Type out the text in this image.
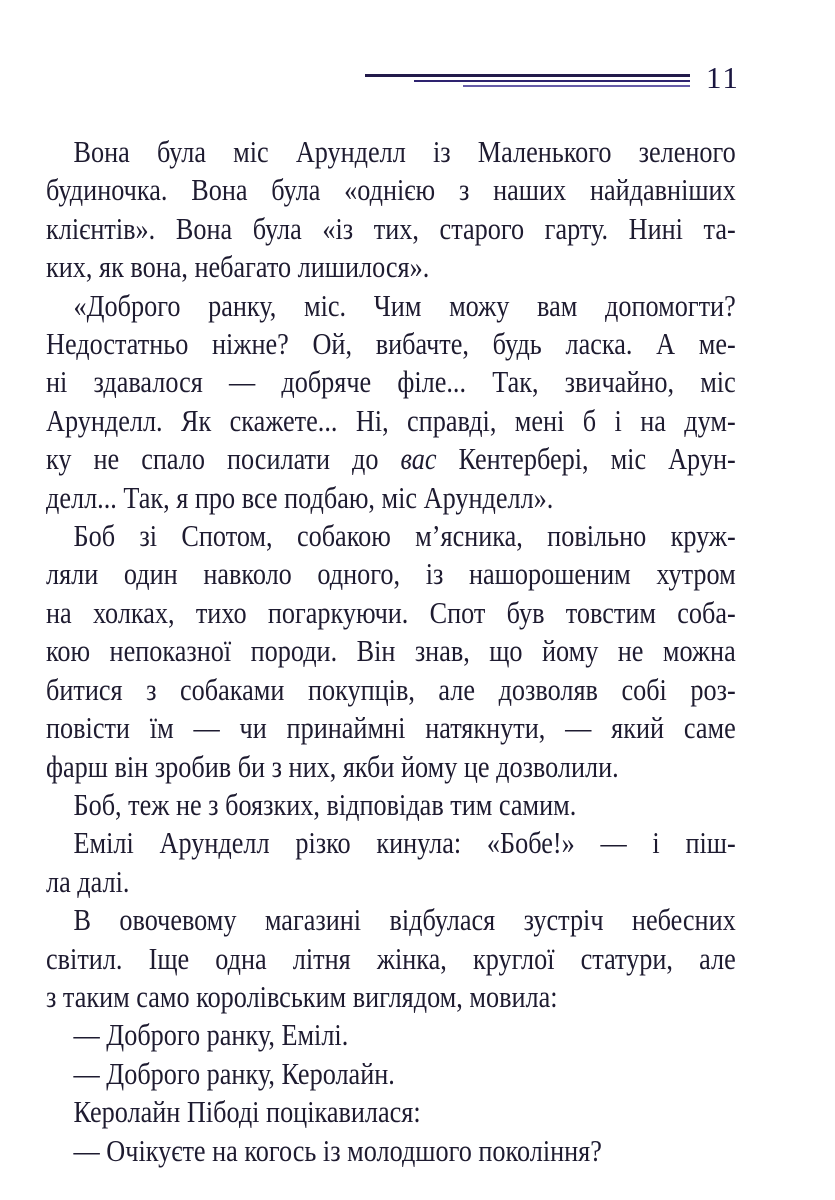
11
Вона була міс Арунделл із Маленького зеленого
будиночка. Вона була «однією з наших найдавніших
клієнтів». Вона була «із тих, старого гарту. Нині та-
ких, як вона, небагато лишилося».
«Доброго ранку, міс. Чим можу вам допомогти?
Недостатньо ніжне? Ой, вибачте, будь ласка. А ме-
ні здавалося — добряче філе... Так, звичайно, міс
Арунделл. Як скажете... Ні, справді, мені б і на дум-
ку не спало посилати до вас Кентербері, міс Арун-
делл... Так, я про все подбаю, міс Арунделл».
Боб зі Спотом, собакою м’ясника, повільно круж-
ляли один навколо одного, із нашорошеним хутром
на холках, тихо погаркуючи. Спот був товстим соба-
кою непоказної породи. Він знав, що йому не можна
битися з собаками покупців, але дозволяв собі роз-
повісти їм — чи принаймні натякнути, — який саме
фарш він зробив би з них, якби йому це дозволили.
Боб, теж не з боязких, відповідав тим самим.
Емілі Арунделл різко кинула: «Бобе!» — і піш-
ла далі.
В овочевому магазині відбулася зустріч небесних
світил. Іще одна літня жінка, круглої статури, але
з таким само королівським виглядом, мовила:
— Доброго ранку, Емілі.
— Доброго ранку, Керолайн.
Керолайн Пібоді поцікавилася:
— Очікуєте на когось із молодшого покоління?
